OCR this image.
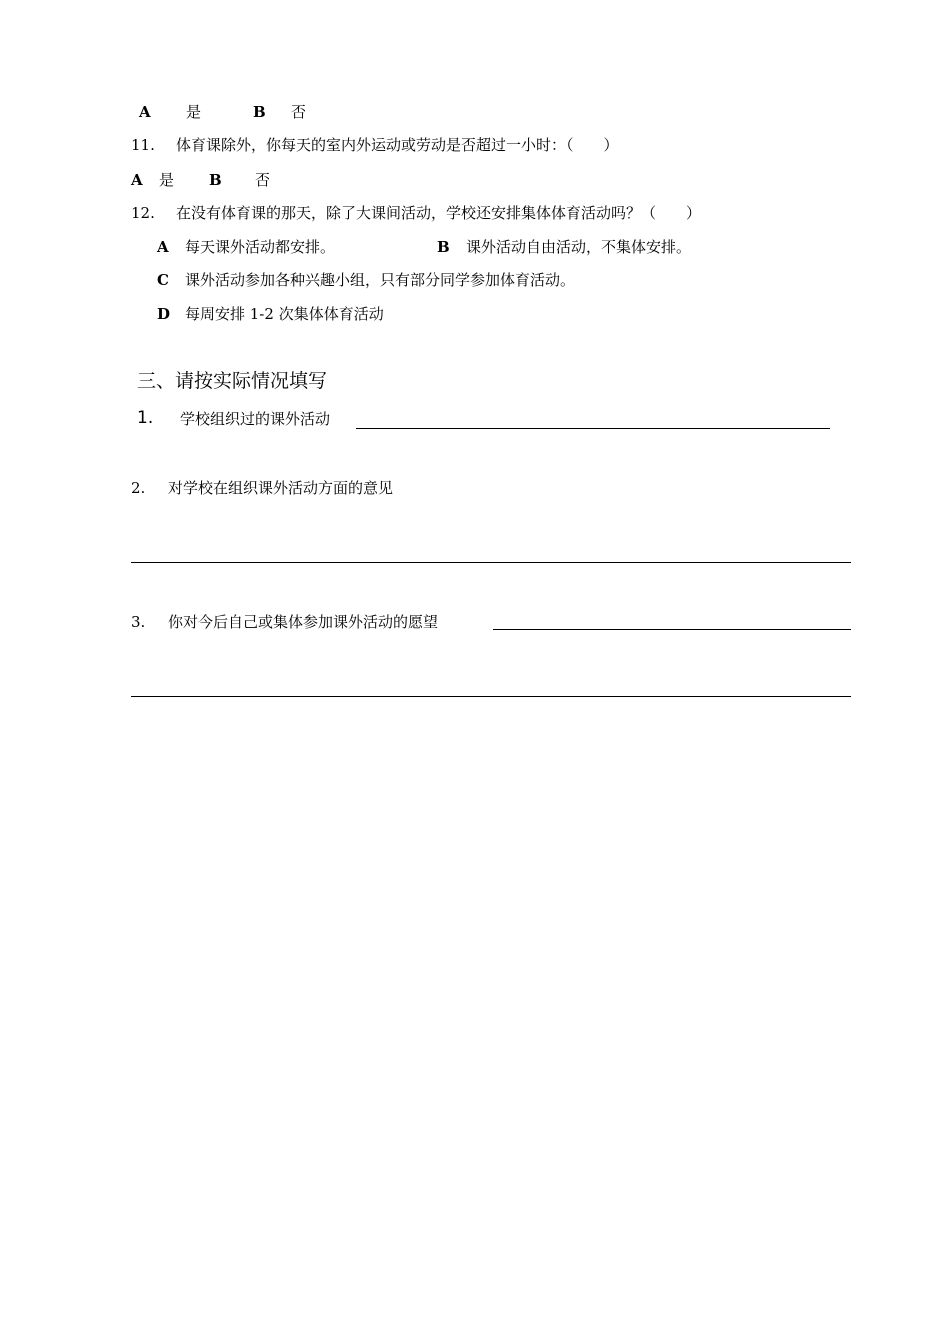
A 是	B 否
11. 体育课除外，你每天的室内外运动或劳动是否超过一小时：（　　）
A 是 B 否
12. 在没有体育课的那天，除了大课间活动，学校还安排集体体育活动吗？（　　）
A 每天课外活动都安排。	B 课外活动自由活动，不集体安排。
C 课外活动参加各种兴趣小组，只有部分同学参加体育活动。
D 每周安排 1-2 次集体体育活动
三、请按实际情况填写
1. 学校组织过的课外活动
2. 对学校在组织课外活动方面的意见
3. 你对今后自己或集体参加课外活动的愿望
